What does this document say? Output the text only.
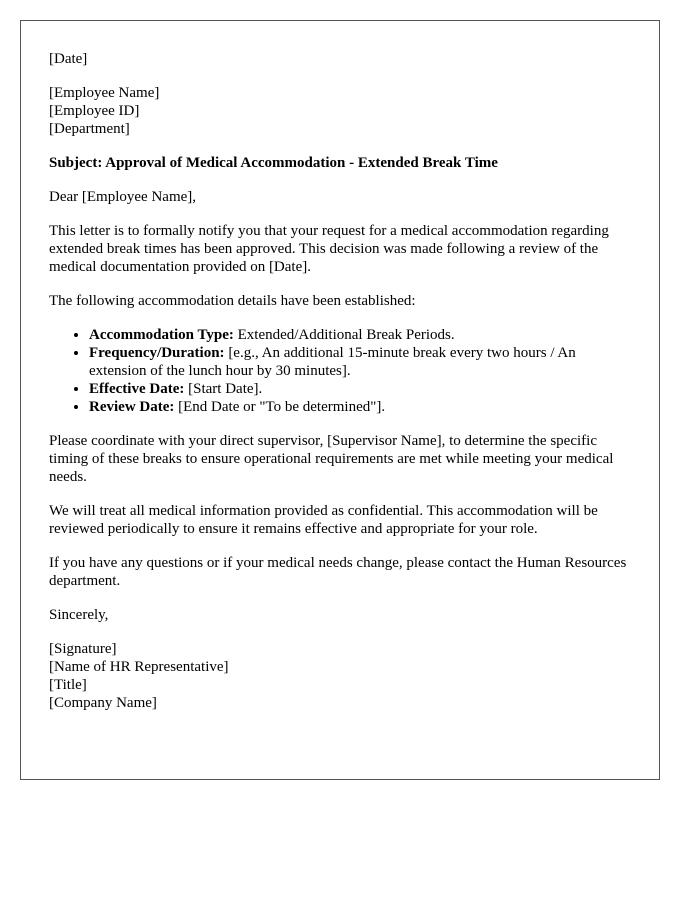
[Date]
[Employee Name]
[Employee ID]
[Department]
Subject: Approval of Medical Accommodation - Extended Break Time

Dear [Employee Name],

This letter is to formally notify you that your request for a medical accommodation regarding extended break times has been approved. This decision was made following a review of the medical documentation provided on [Date].

The following accommodation details have been established:

• Accommodation Type: Extended/Additional Break Periods.
• Frequency/Duration: [e.g., An additional 15-minute break every two hours / An extension of the lunch hour by 30 minutes].
• Effective Date: [Start Date].
• Review Date: [End Date or "To be determined"].

Please coordinate with your direct supervisor, [Supervisor Name], to determine the specific timing of these breaks to ensure operational requirements are met while meeting your medical needs.

We will treat all medical information provided as confidential. This accommodation will be reviewed periodically to ensure it remains effective and appropriate for your role.

If you have any questions or if your medical needs change, please contact the Human Resources department.

Sincerely,

[Signature]
[Name of HR Representative]
[Title]
[Company Name]
